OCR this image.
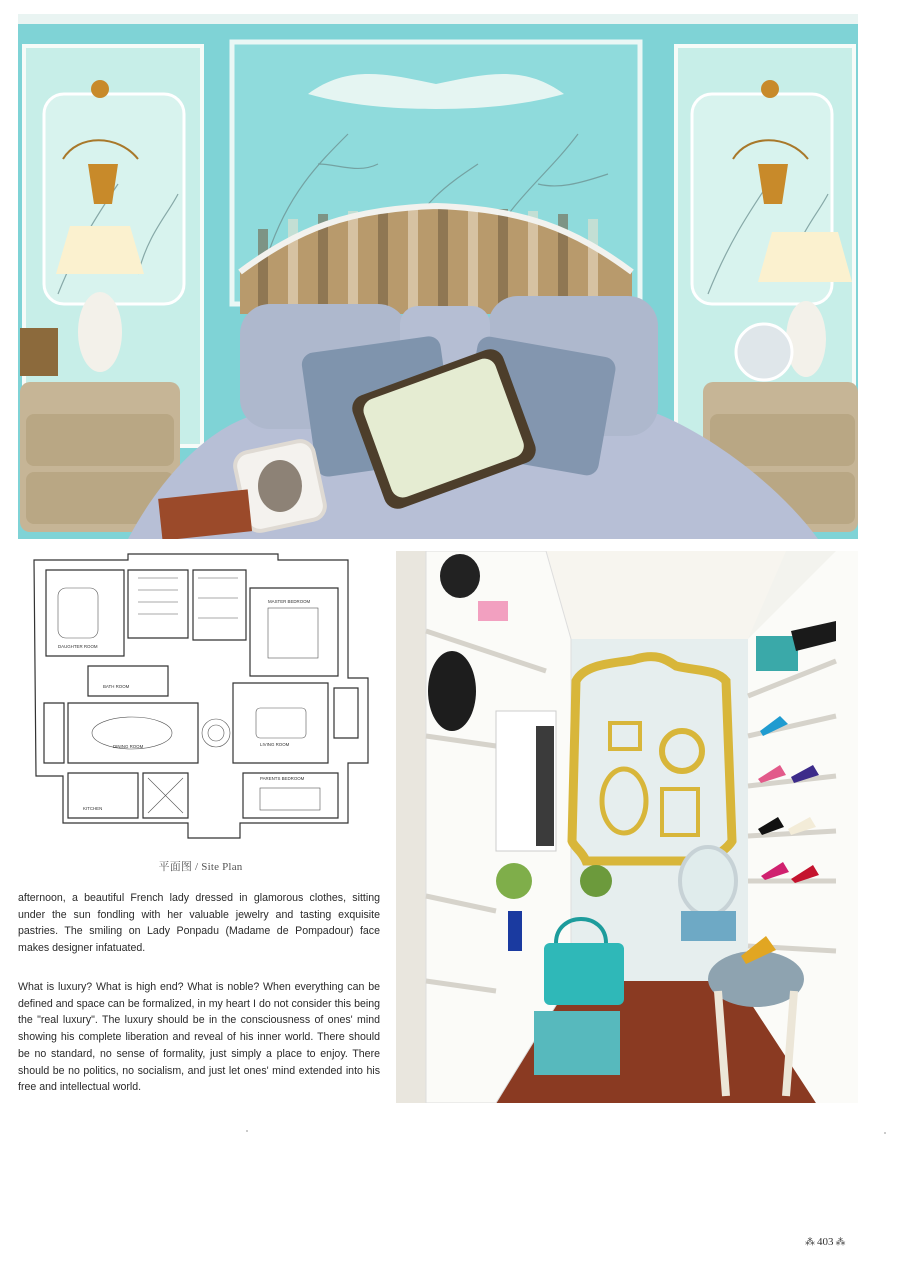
DAUGHTER ROOM
MASTER BEDROOM
BATH ROOM
DINING ROOM	LIVING ROOM
PARENTS BEDROOM
KITCHEN
平面图 / Site Plan
afternoon, a beautiful French lady dressed in glamorous clothes, sitting under the sun fondling with her valuable jewelry and tasting exquisite pastries. The smiling on Lady Ponpadu (Madame de Pompadour) face makes designer infatuated.
What is luxury? What is high end? What is noble? When everything can be defined and space can be formalized, in my heart I do not consider this being the "real luxury". The luxury should be in the consciousness of ones' mind showing his complete liberation and reveal of his inner world. There should be no standard, no sense of formality, just simply a place to enjoy. There should be no politics, no socialism, and just let ones' mind extended into his free and intellectual world.
⁂ 403 ⁂
